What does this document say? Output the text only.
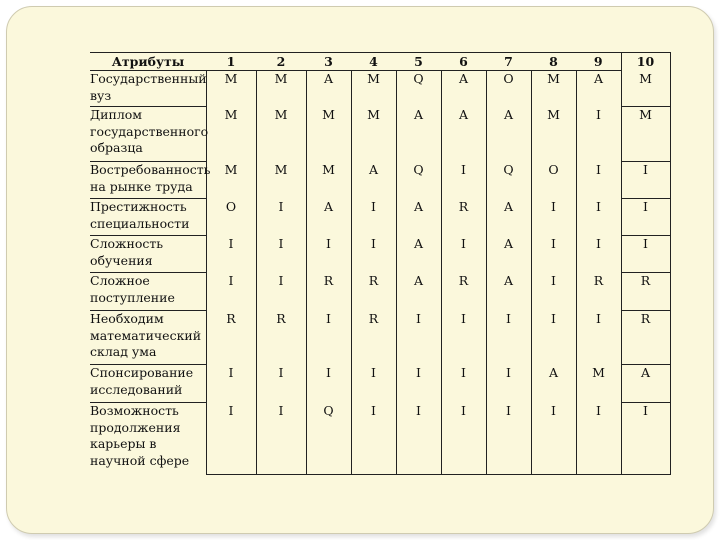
Атрибуты	1	2	3	4	5	6	7	8	9	10
Государственный вуз	M	M	A	M	Q	A	O	M	A	M
Диплом государственного образца	M	M	M	M	A	A	A	M	I	M
Востребованность на рынке труда	M	M	M	A	Q	I	Q	O	I	I
Престижность специальности	O	I	A	I	A	R	A	I	I	I
Сложность обучения	I	I	I	I	A	I	A	I	I	I
Сложное поступление	I	I	R	R	A	R	A	I	R	R
Необходим математический склад ума	R	R	I	R	I	I	I	I	I	R
Спонсирование исследований	I	I	I	I	I	I	I	A	M	A
Возможность продолжения карьеры в научной сфере	I	I	Q	I	I	I	I	I	I	I
